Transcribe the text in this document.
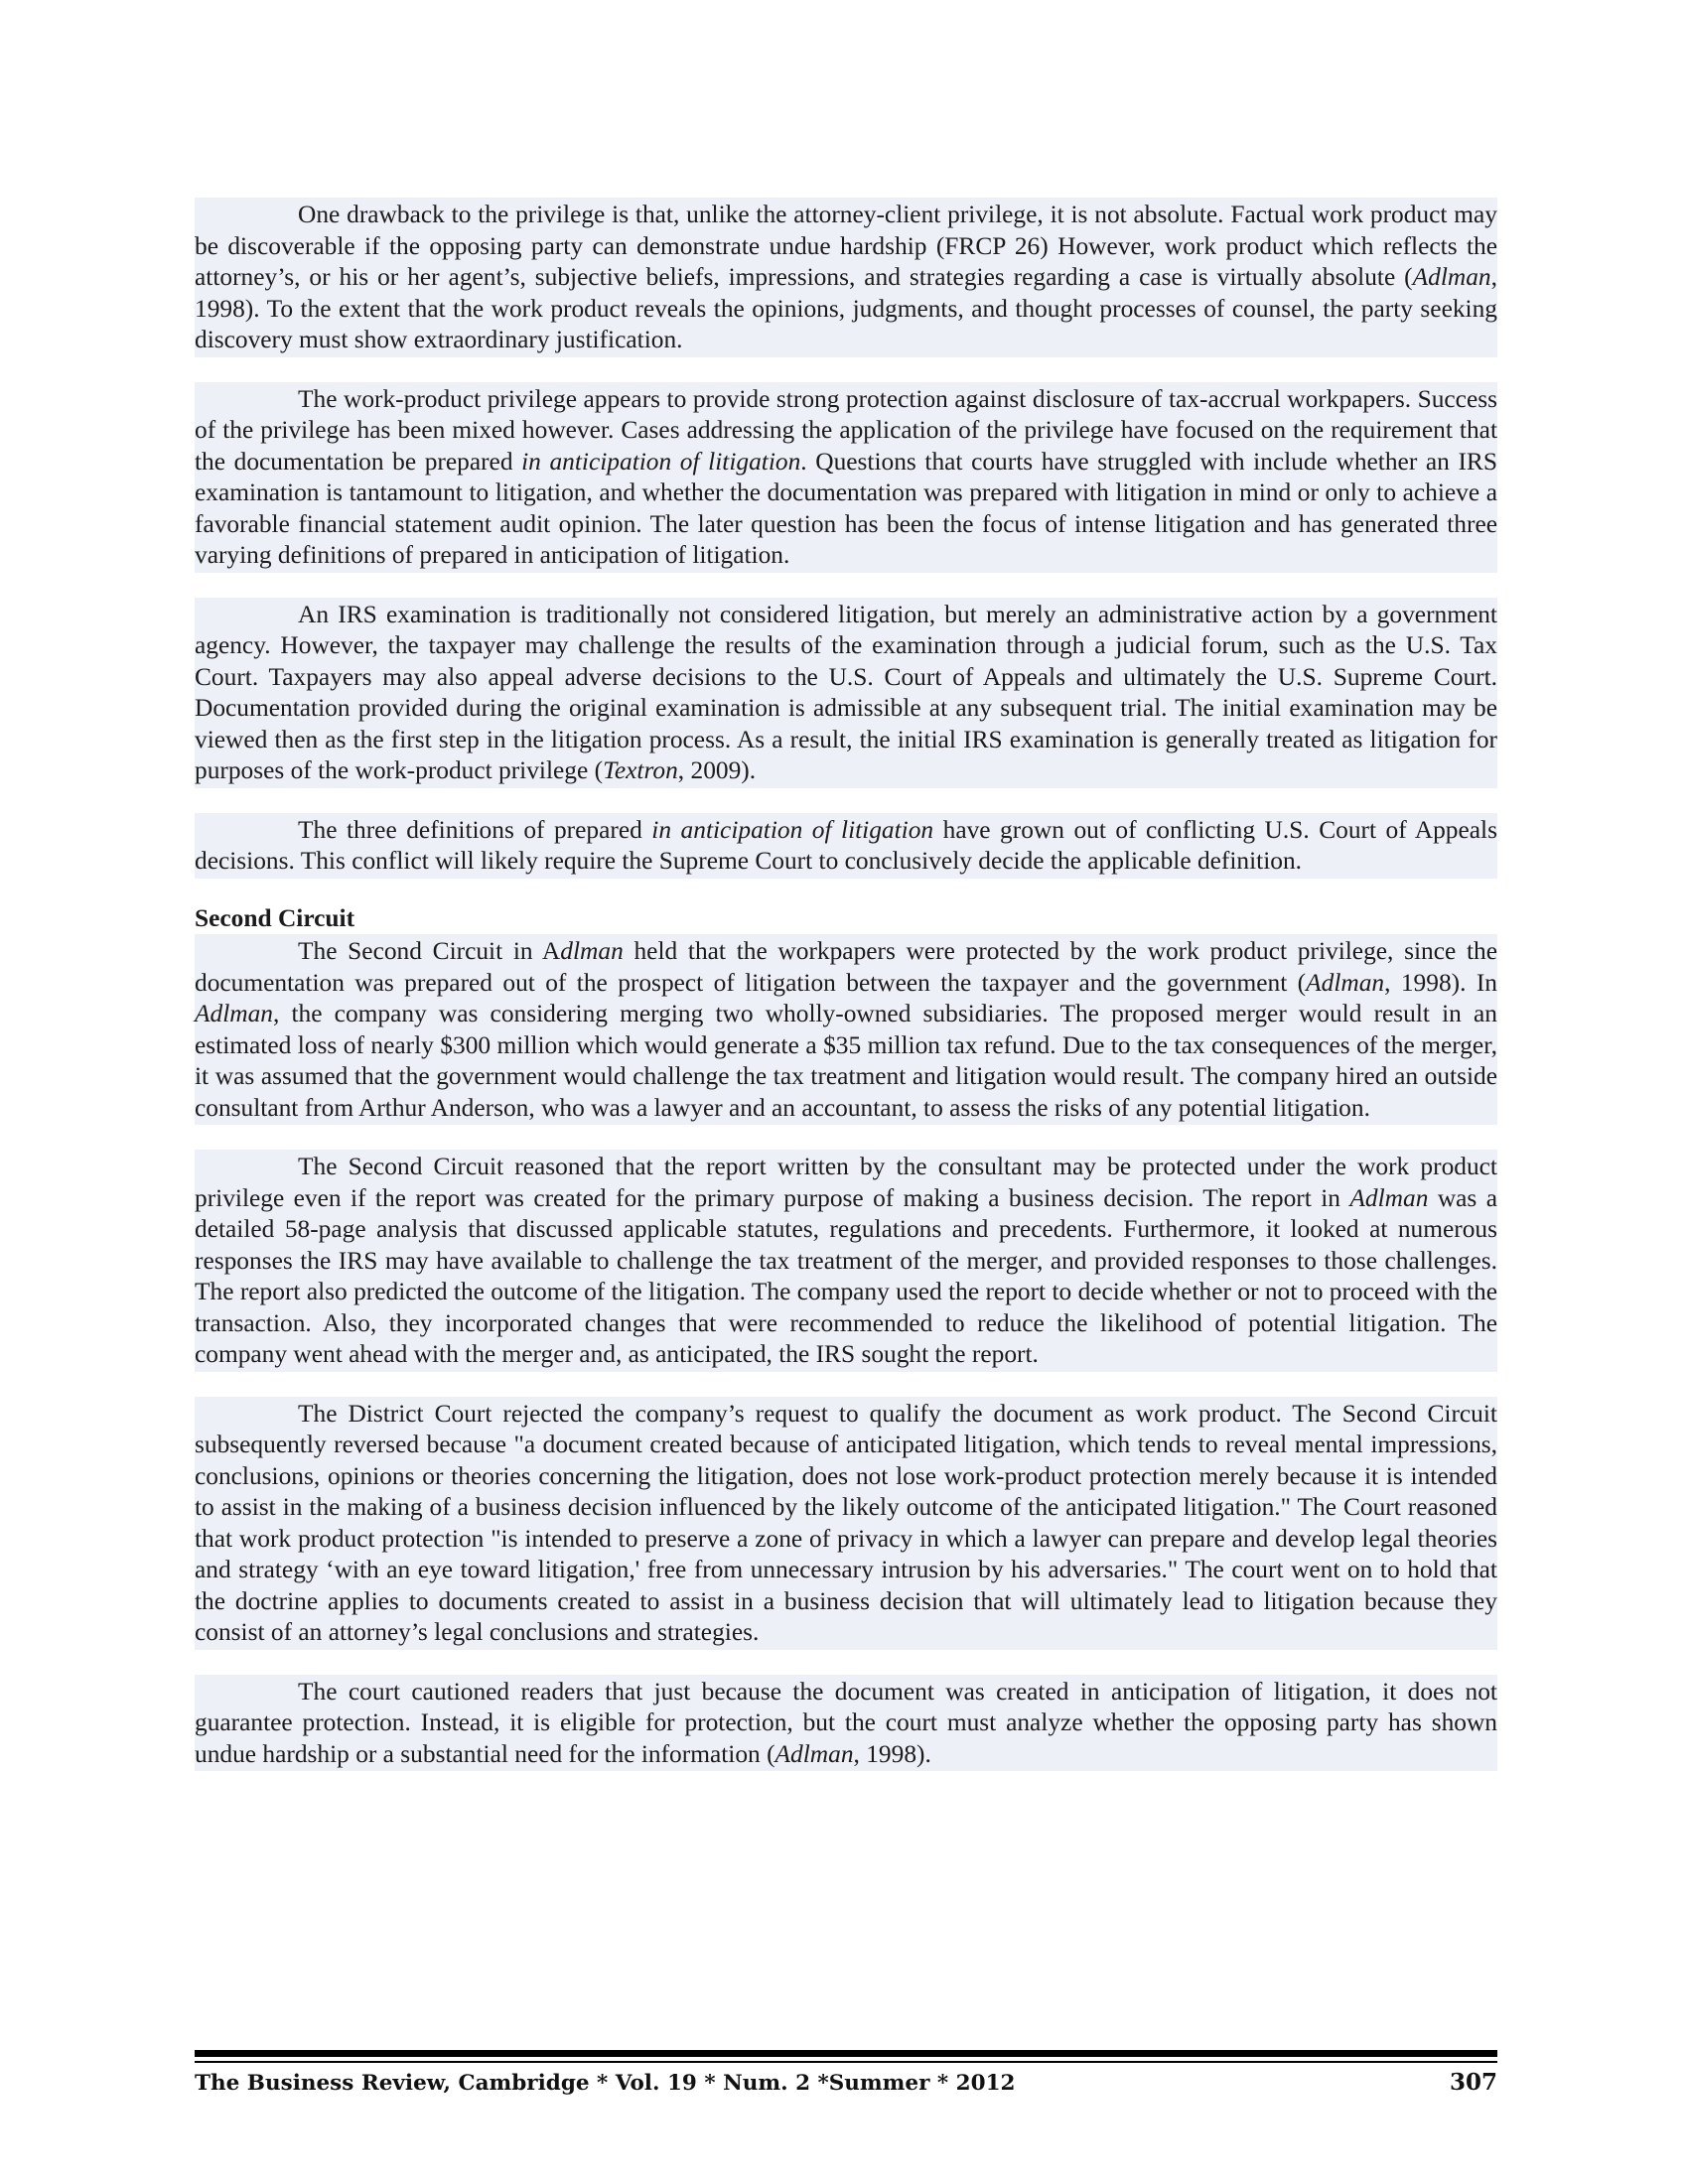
One drawback to the privilege is that, unlike the attorney-client privilege, it is not absolute. Factual work product may be discoverable if the opposing party can demonstrate undue hardship (FRCP 26) However, work product which reflects the attorney’s, or his or her agent’s, subjective beliefs, impressions, and strategies regarding a case is virtually absolute (Adlman, 1998). To the extent that the work product reveals the opinions, judgments, and thought processes of counsel, the party seeking discovery must show extraordinary justification.

The work-product privilege appears to provide strong protection against disclosure of tax-accrual workpapers. Success of the privilege has been mixed however. Cases addressing the application of the privilege have focused on the requirement that the documentation be prepared in anticipation of litigation. Questions that courts have struggled with include whether an IRS examination is tantamount to litigation, and whether the documentation was prepared with litigation in mind or only to achieve a favorable financial statement audit opinion. The later question has been the focus of intense litigation and has generated three varying definitions of prepared in anticipation of litigation.

An IRS examination is traditionally not considered litigation, but merely an administrative action by a government agency. However, the taxpayer may challenge the results of the examination through a judicial forum, such as the U.S. Tax Court. Taxpayers may also appeal adverse decisions to the U.S. Court of Appeals and ultimately the U.S. Supreme Court. Documentation provided during the original examination is admissible at any subsequent trial. The initial examination may be viewed then as the first step in the litigation process. As a result, the initial IRS examination is generally treated as litigation for purposes of the work-product privilege (Textron, 2009).

The three definitions of prepared in anticipation of litigation have grown out of conflicting U.S. Court of Appeals decisions. This conflict will likely require the Supreme Court to conclusively decide the applicable definition.

Second Circuit

The Second Circuit in Adlman held that the workpapers were protected by the work product privilege, since the documentation was prepared out of the prospect of litigation between the taxpayer and the government (Adlman, 1998). In Adlman, the company was considering merging two wholly-owned subsidiaries. The proposed merger would result in an estimated loss of nearly $300 million which would generate a $35 million tax refund. Due to the tax consequences of the merger, it was assumed that the government would challenge the tax treatment and litigation would result. The company hired an outside consultant from Arthur Anderson, who was a lawyer and an accountant, to assess the risks of any potential litigation.

The Second Circuit reasoned that the report written by the consultant may be protected under the work product privilege even if the report was created for the primary purpose of making a business decision. The report in Adlman was a detailed 58-page analysis that discussed applicable statutes, regulations and precedents. Furthermore, it looked at numerous responses the IRS may have available to challenge the tax treatment of the merger, and provided responses to those challenges. The report also predicted the outcome of the litigation. The company used the report to decide whether or not to proceed with the transaction. Also, they incorporated changes that were recommended to reduce the likelihood of potential litigation. The company went ahead with the merger and, as anticipated, the IRS sought the report.

The District Court rejected the company’s request to qualify the document as work product. The Second Circuit subsequently reversed because "a document created because of anticipated litigation, which tends to reveal mental impressions, conclusions, opinions or theories concerning the litigation, does not lose work-product protection merely because it is intended to assist in the making of a business decision influenced by the likely outcome of the anticipated litigation." The Court reasoned that work product protection "is intended to preserve a zone of privacy in which a lawyer can prepare and develop legal theories and strategy ‘with an eye toward litigation,' free from unnecessary intrusion by his adversaries." The court went on to hold that the doctrine applies to documents created to assist in a business decision that will ultimately lead to litigation because they consist of an attorney’s legal conclusions and strategies.

The court cautioned readers that just because the document was created in anticipation of litigation, it does not guarantee protection. Instead, it is eligible for protection, but the court must analyze whether the opposing party has shown undue hardship or a substantial need for the information (Adlman, 1998).

The Business Review, Cambridge * Vol. 19 * Num. 2 *Summer * 2012	307
